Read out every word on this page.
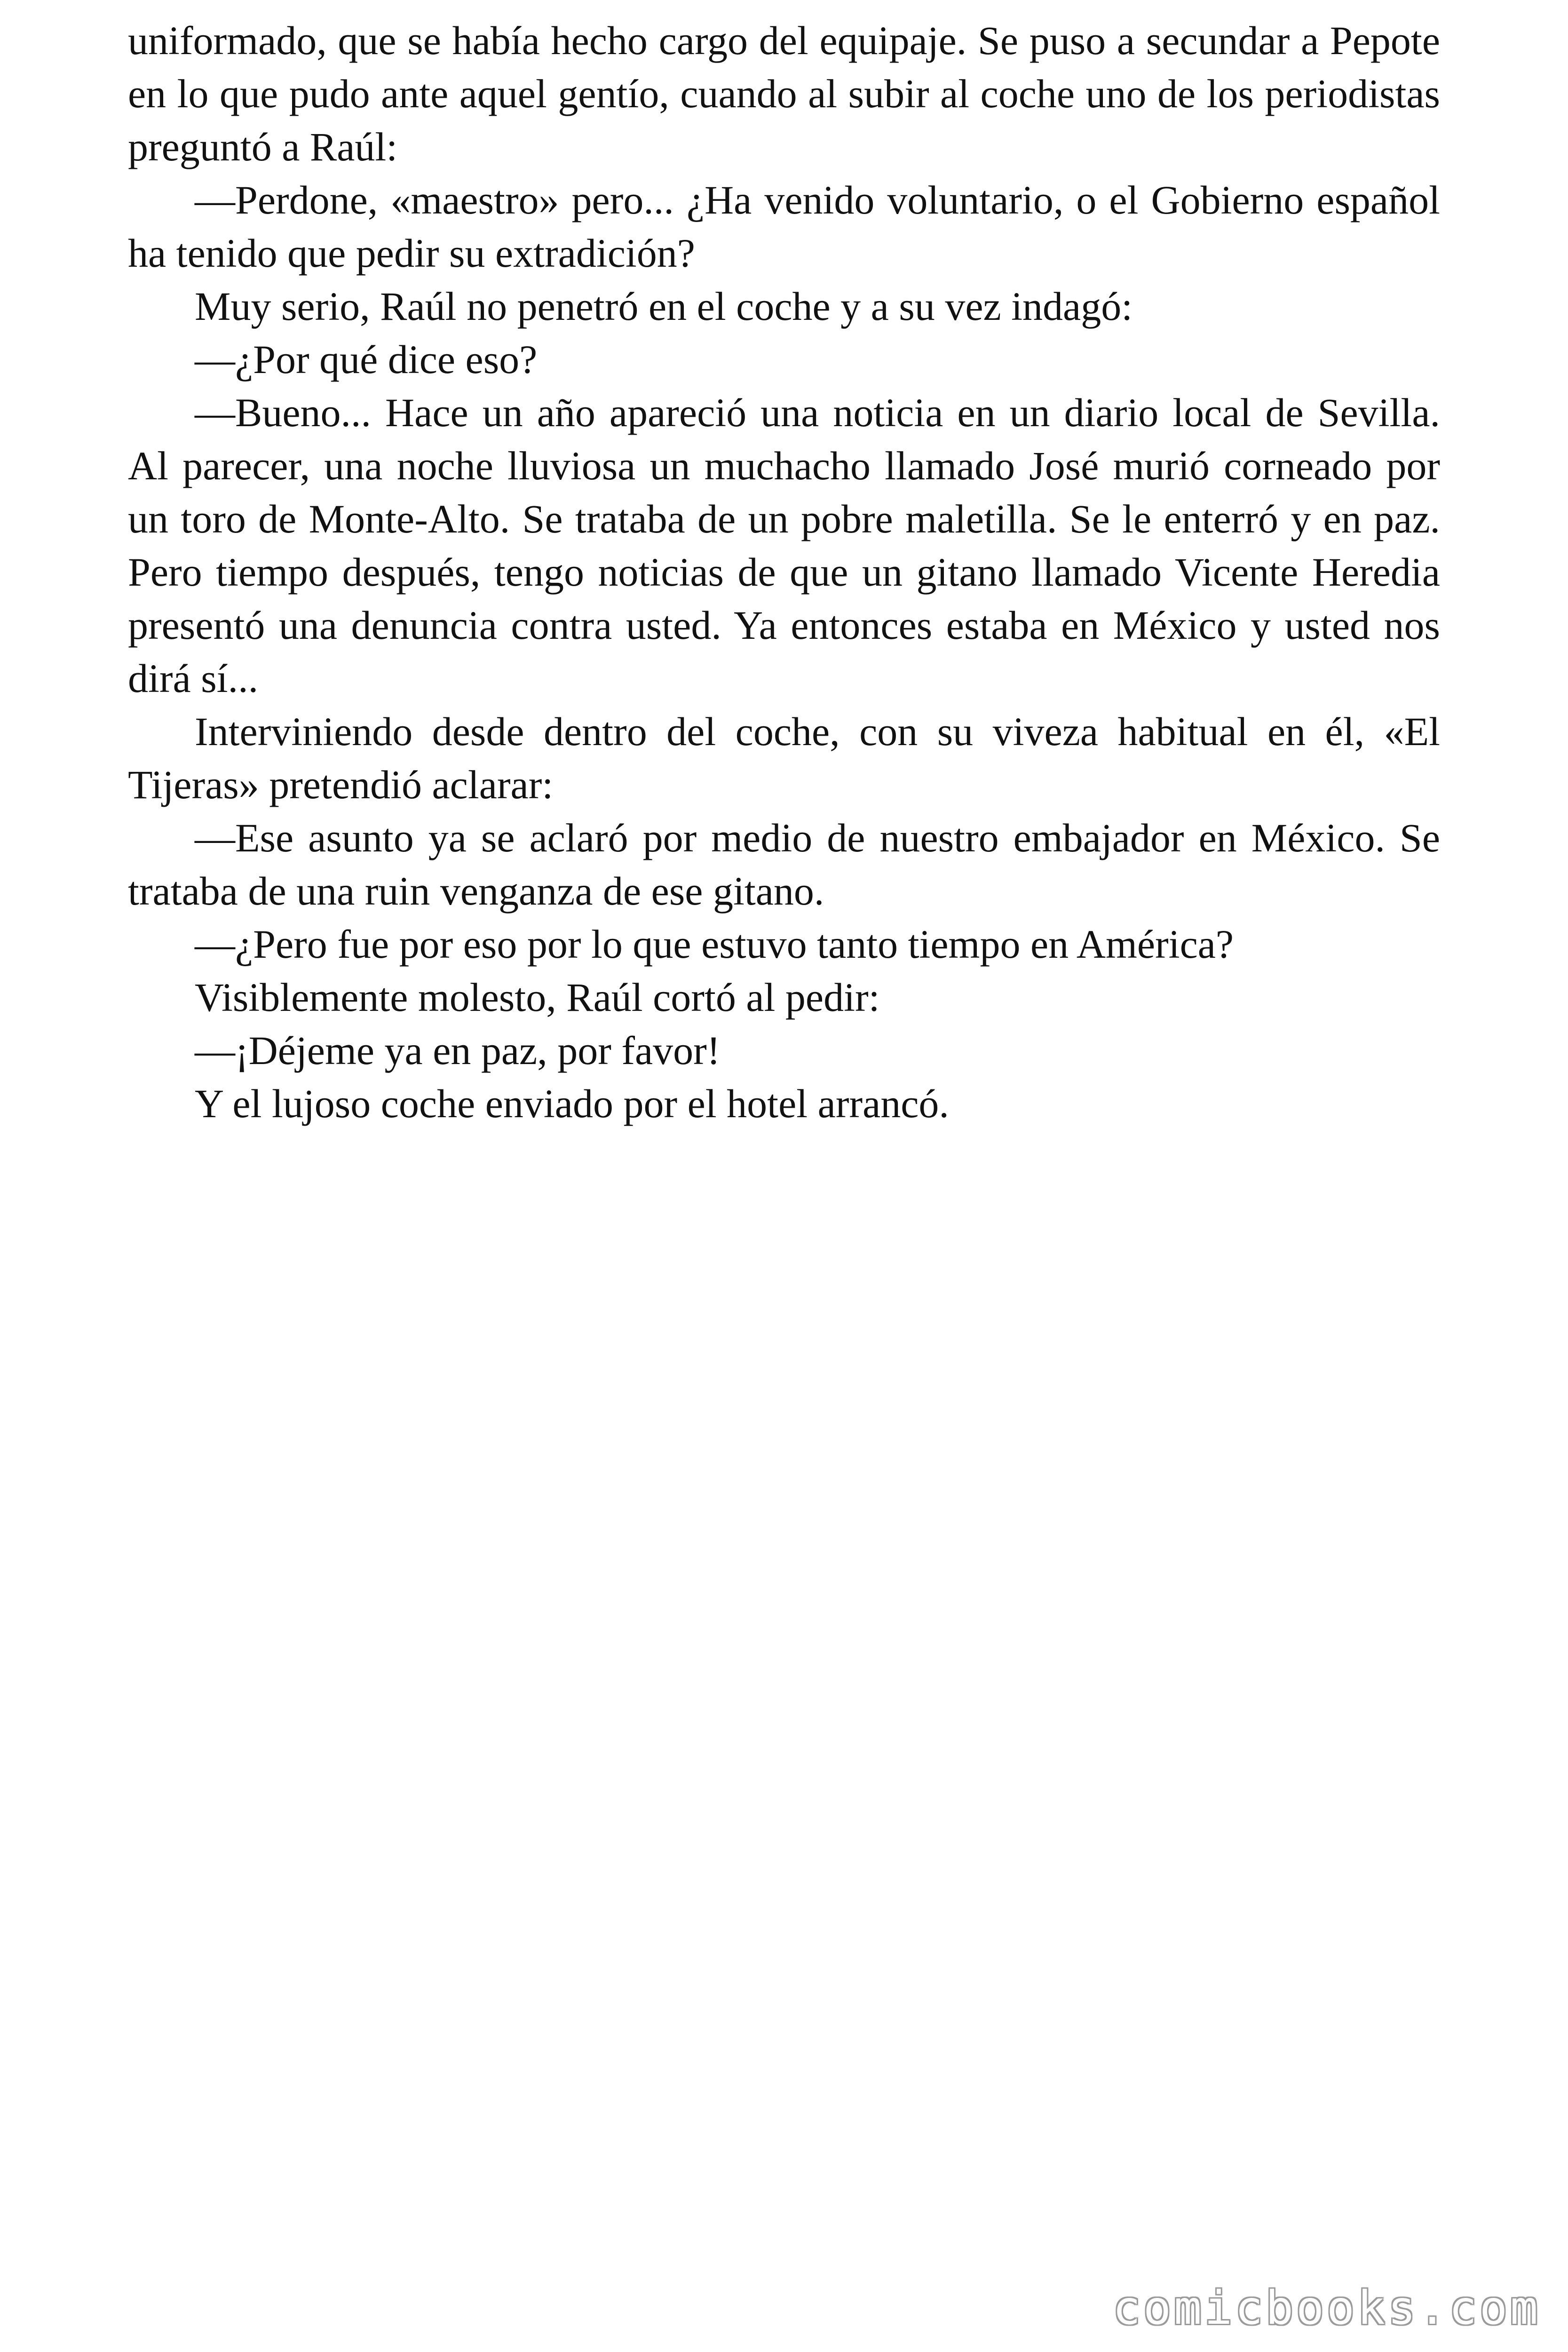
uniformado, que se había hecho cargo del equipaje. Se puso a secundar a Pepote en lo que pudo ante aquel gentío, cuando al subir al coche uno de los periodistas preguntó a Raúl:

—Perdone, «maestro» pero... ¿Ha venido voluntario, o el Gobierno español ha tenido que pedir su extradición?

Muy serio, Raúl no penetró en el coche y a su vez indagó:

—¿Por qué dice eso?

—Bueno... Hace un año apareció una noticia en un diario local de Sevilla. Al parecer, una noche lluviosa un muchacho llamado José murió corneado por un toro de Monte-Alto. Se trataba de un pobre maletilla. Se le enterró y en paz. Pero tiempo después, tengo noticias de que un gitano llamado Vicente Heredia presentó una denuncia contra usted. Ya entonces estaba en México y usted nos dirá sí...

Interviniendo desde dentro del coche, con su viveza habitual en él, «El Tijeras» pretendió aclarar:

—Ese asunto ya se aclaró por medio de nuestro embajador en México. Se trataba de una ruin venganza de ese gitano.

—¿Pero fue por eso por lo que estuvo tanto tiempo en América?

Visiblemente molesto, Raúl cortó al pedir:

—¡Déjeme ya en paz, por favor!

Y el lujoso coche enviado por el hotel arrancó.

comicbooks.com
